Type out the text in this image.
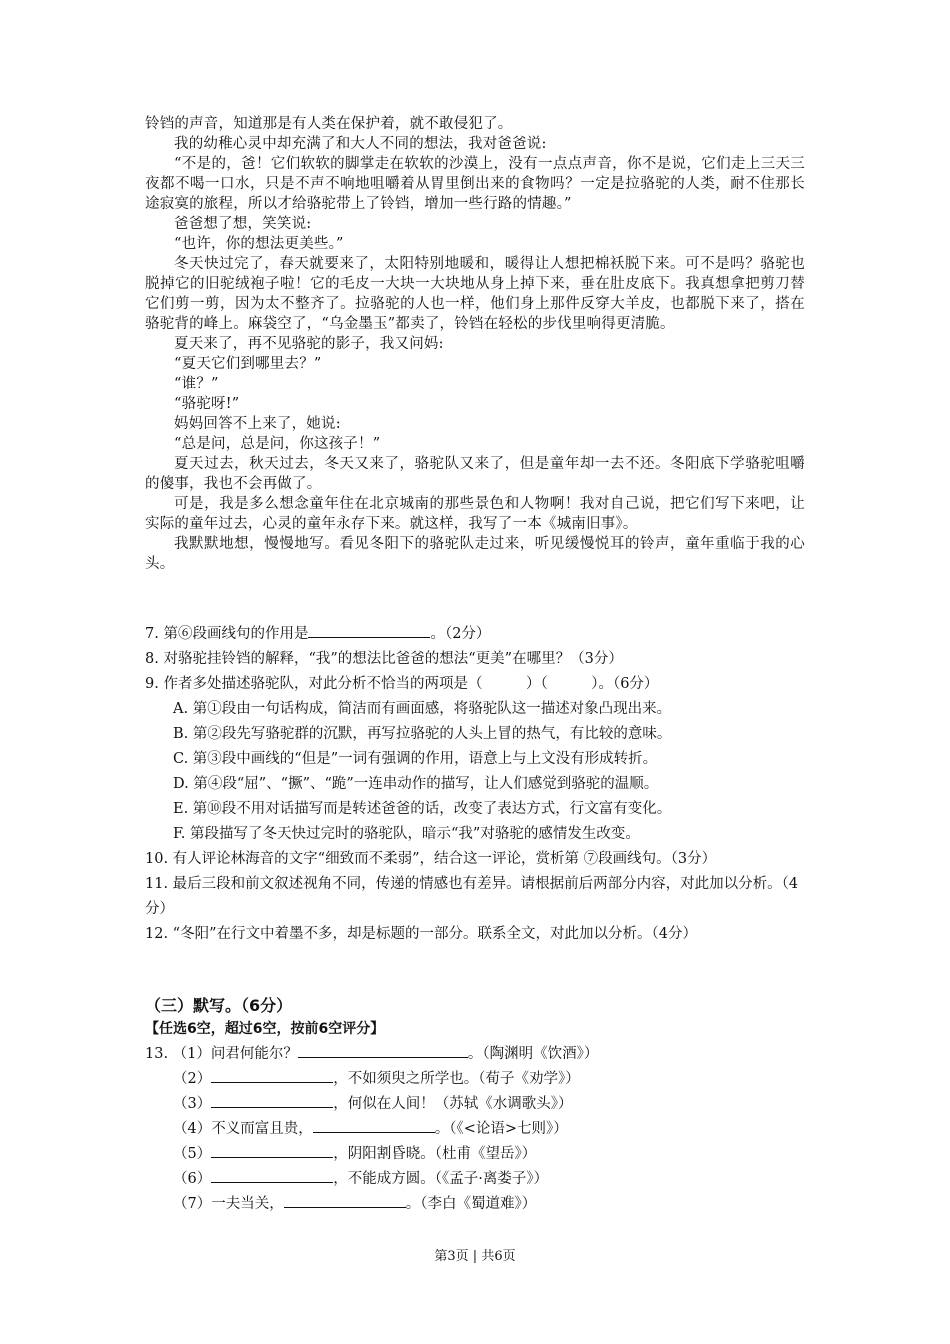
铃铛的声音，知道那是有人类在保护着，就不敢侵犯了。

我的幼稚心灵中却充满了和大人不同的想法，我对爸爸说:

“不是的，爸！它们软软的脚掌走在软软的沙漠上，没有一点点声音，你不是说，它们走上三天三夜都不喝一口水，只是不声不响地咀嚼着从胃里倒出来的食物吗？一定是拉骆驼的人类，耐不住那长途寂寞的旅程，所以才给骆驼带上了铃铛，增加一些行路的情趣。”

爸爸想了想，笑笑说:

“也许，你的想法更美些。”

冬天快过完了，春天就要来了，太阳特别地暖和，暖得让人想把棉袄脱下来。可不是吗？骆驼也脱掉它的旧驼绒袍子啦！它的毛皮一大块一大块地从身上掉下来，垂在肚皮底下。我真想拿把剪刀替它们剪一剪，因为太不整齐了。拉骆驼的人也一样，他们身上那件反穿大羊皮，也都脱下来了，搭在骆驼背的峰上。麻袋空了，“乌金墨玉”都卖了，铃铛在轻松的步伐里响得更清脆。

夏天来了，再不见骆驼的影子，我又问妈:

“夏天它们到哪里去？”

“谁？”

“骆驼呀!”

妈妈回答不上来了，她说:

“总是问，总是问，你这孩子！”

夏天过去，秋天过去，冬天又来了，骆驼队又来了，但是童年却一去不还。冬阳底下学骆驼咀嚼的傻事，我也不会再做了。

可是，我是多么想念童年住在北京城南的那些景色和人物啊！我对自己说，把它们写下来吧，让实际的童年过去，心灵的童年永存下来。就这样，我写了一本《城南旧事》。

我默默地想，慢慢地写。看见冬阳下的骆驼队走过来，听见缓慢悦耳的铃声，童年重临于我的心头。

7. 第⑥段画线句的作用是	。（2分）

8. 对骆驼挂铃铛的解释，“我”的想法比爸爸的想法“更美”在哪里？（3分）

9. 作者多处描述骆驼队，对此分析不恰当的两项是（　　　）（　　　）。（6分）

A. 第①段由一句话构成，简洁而有画面感，将骆驼队这一描述对象凸现出来。

B. 第②段先写骆驼群的沉默，再写拉骆驼的人头上冒的热气，有比较的意味。

C. 第③段中画线的“但是”一词有强调的作用，语意上与上文没有形成转折。

D. 第④段“屈”、“撅”、“跪”一连串动作的描写，让人们感觉到骆驼的温顺。

E. 第⑩段不用对话描写而是转述爸爸的话，改变了表达方式，行文富有变化。

F. 第段描写了冬天快过完时的骆驼队，暗示“我”对骆驼的感情发生改变。

10. 有人评论林海音的文字“细致而不柔弱”，结合这一评论，赏析第 ⑦段画线句。（3分）

11. 最后三段和前文叙述视角不同，传递的情感也有差异。请根据前后两部分内容，对此加以分析。（4分）

12. “冬阳”在行文中着墨不多，却是标题的一部分。联系全文，对此加以分析。（4分）

（三）默写。（6分）

【任选6空，超过6空，按前6空评分】

13. （1）问君何能尔？	。（陶渊明《饮酒》）

（2）	，不如须臾之所学也。（荀子《劝学》）

（3）	，何似在人间！（苏轼《水调歌头》）

（4）不义而富且贵，	。（《<论语>七则》）

（5）	，阴阳割昏晓。（杜甫《望岳》）

（6）	，不能成方圆。（《孟子·离娄子》）

（7）一夫当关，	。（李白《蜀道难》）

第3页 | 共6页
